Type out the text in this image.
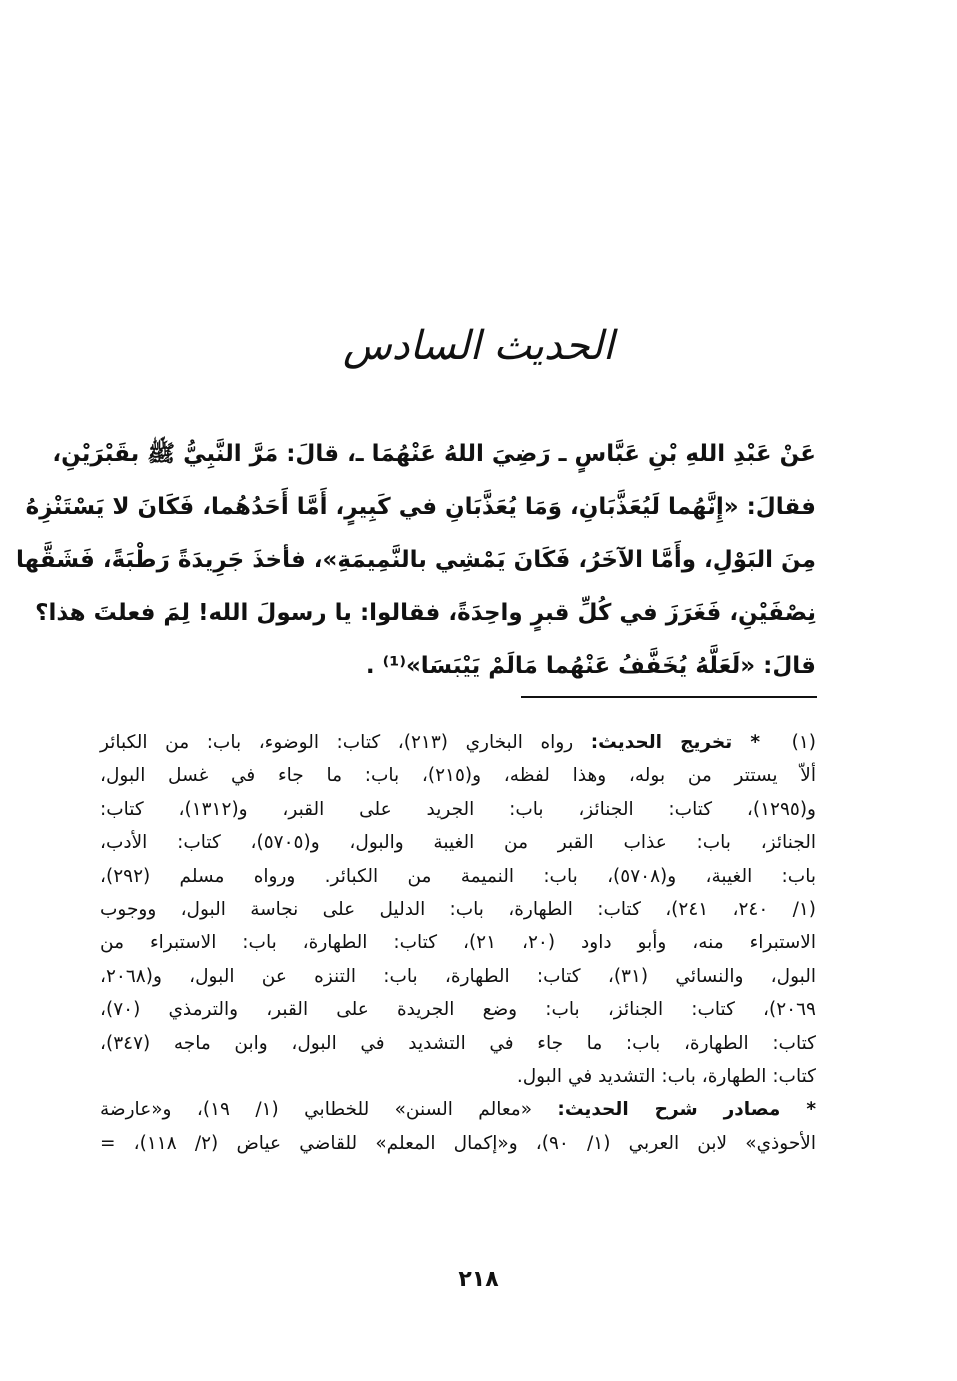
الحديث السادس
عَنْ عَبْدِ اللهِ بْنِ عَبَّاسٍ ـ رَضِيَ اللهُ عَنْهُمَا ـ، قالَ: مَرَّ النَّبِيُّ ﷺ بقَبْرَيْنِ،
فقالَ: «إِنَّهُما لَيُعَذَّبَانِ، وَمَا يُعَذَّبَانِ في كَبِيرٍ، أَمَّا أَحَدُهُما، فَكَانَ لا يَسْتَنْزِهُ
مِنَ البَوْلِ، وأَمَّا الآخَرُ، فَكَانَ يَمْشِي بالنَّمِيمَةِ»، فأخذَ جَرِيدَةً رَطْبَةً، فَشَقَّها
نِصْفَيْنِ، فَغَرَزَ في كُلِّ قبرٍ واحِدَةً، فقالوا: يا رسولَ الله! لِمَ فعلتَ هذا؟
قالَ: «لَعَلَّهُ يُخَفَّفُ عَنْهُما مَالَمْ يَيْبَسَا»⁽¹⁾ .
(١)
* تخريج الحديث: رواه البخاري (٢١٣)، كتاب: الوضوء، باب: من الكبائر
ألاّ يستتر من بوله، وهذا لفظه، و(٢١٥)، باب: ما جاء في غسل البول،
و(١٢٩٥)، كتاب: الجنائز، باب: الجريد على القبر، و(١٣١٢)، كتاب:
الجنائز، باب: عذاب القبر من الغيبة والبول، و(٥٧٠٥)، كتاب: الأدب،
باب: الغيبة، و(٥٧٠٨)، باب: النميمة من الكبائر. ورواه مسلم (٢٩٢)،
(١/ ٢٤٠، ٢٤١)، كتاب: الطهارة، باب: الدليل على نجاسة البول، ووجوب
الاستبراء منه، وأبو داود (٢٠، ٢١)، كتاب: الطهارة، باب: الاستبراء من
البول، والنسائي (٣١)، كتاب: الطهارة، باب: التنزه عن البول، و(٢٠٦٨،
٢٠٦٩)، كتاب: الجنائز، باب: وضع الجريدة على القبر، والترمذي (٧٠)،
كتاب: الطهارة، باب: ما جاء في التشديد في البول، وابن ماجه (٣٤٧)،
كتاب: الطهارة، باب: التشديد في البول.
* مصادر شرح الحديث: «معالم السنن» للخطابي (١/ ١٩)، و«عارضة
الأحوذي» لابن العربي (١/ ٩٠)، و«إكمال المعلم» للقاضي عياض (٢/ ١١٨)، =
٢١٨
